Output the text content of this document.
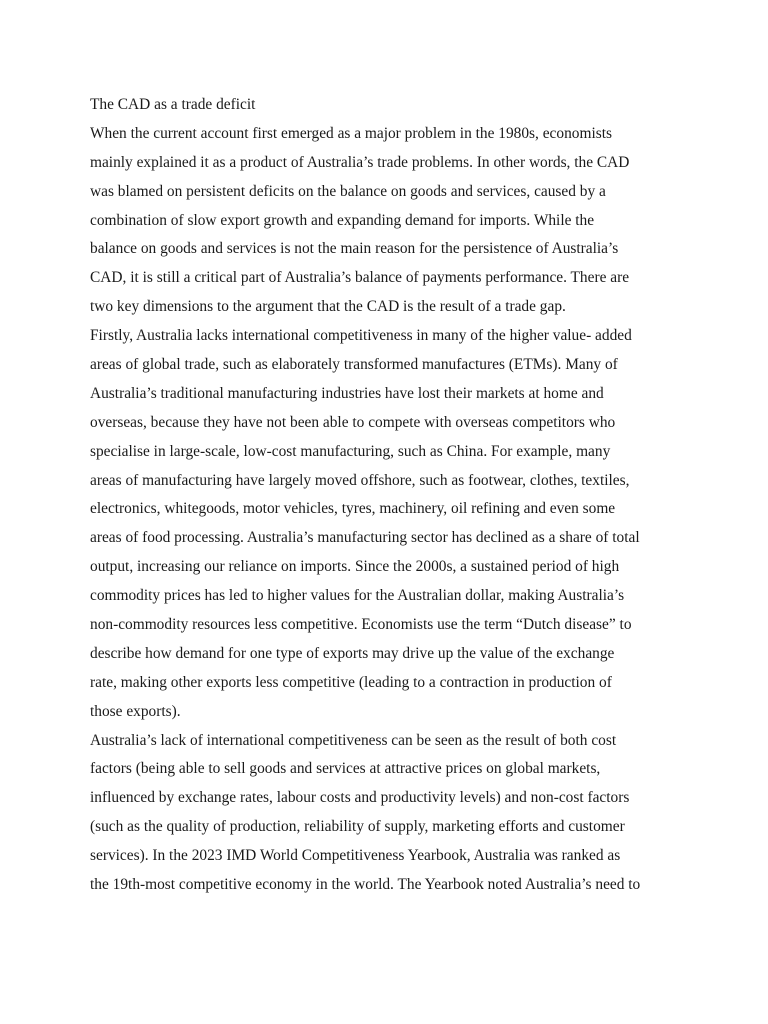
The CAD as a trade deficit
When the current account first emerged as a major problem in the 1980s, economists
mainly explained it as a product of Australia’s trade problems. In other words, the CAD
was blamed on persistent deficits on the balance on goods and services, caused by a
combination of slow export growth and expanding demand for imports. While the
balance on goods and services is not the main reason for the persistence of Australia’s
CAD, it is still a critical part of Australia’s balance of payments performance. There are
two key dimensions to the argument that the CAD is the result of a trade gap.
Firstly, Australia lacks international competitiveness in many of the higher value- added
areas of global trade, such as elaborately transformed manufactures (ETMs). Many of
Australia’s traditional manufacturing industries have lost their markets at home and
overseas, because they have not been able to compete with overseas competitors who
specialise in large-scale, low-cost manufacturing, such as China. For example, many
areas of manufacturing have largely moved offshore, such as footwear, clothes, textiles,
electronics, whitegoods, motor vehicles, tyres, machinery, oil refining and even some
areas of food processing. Australia’s manufacturing sector has declined as a share of total
output, increasing our reliance on imports. Since the 2000s, a sustained period of high
commodity prices has led to higher values for the Australian dollar, making Australia’s
non-commodity resources less competitive. Economists use the term “Dutch disease” to
describe how demand for one type of exports may drive up the value of the exchange
rate, making other exports less competitive (leading to a contraction in production of
those exports).
Australia’s lack of international competitiveness can be seen as the result of both cost
factors (being able to sell goods and services at attractive prices on global markets,
influenced by exchange rates, labour costs and productivity levels) and non-cost factors
(such as the quality of production, reliability of supply, marketing efforts and customer
services). In the 2023 IMD World Competitiveness Yearbook, Australia was ranked as
the 19th-most competitive economy in the world. The Yearbook noted Australia’s need to
